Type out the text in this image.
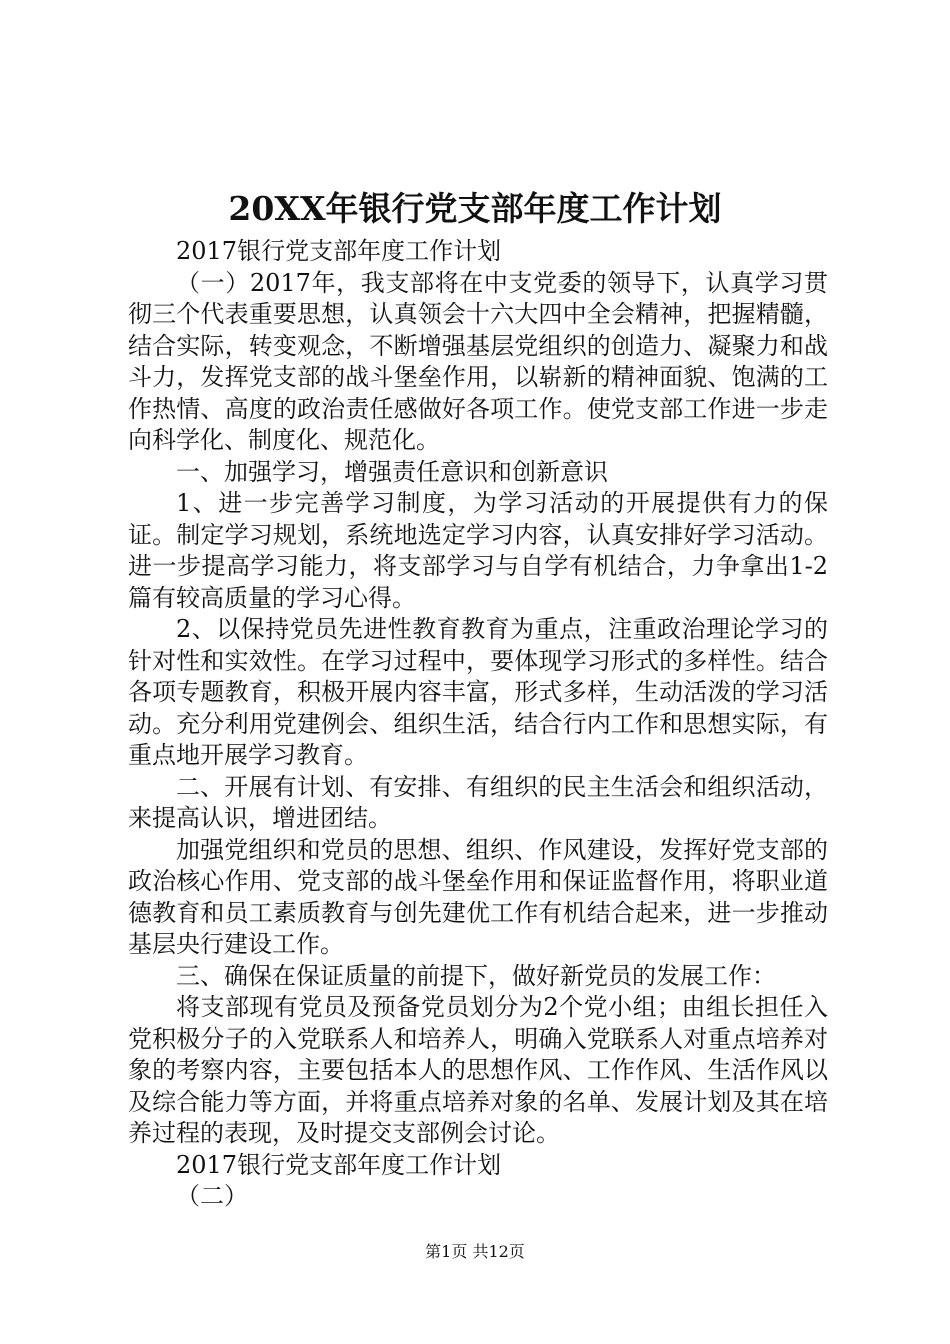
20XX年银行党支部年度工作计划

2017银行党支部年度工作计划

（一）2017年，我支部将在中支党委的领导下，认真学习贯彻三个代表重要思想，认真领会十六大四中全会精神，把握精髓，结合实际，转变观念，不断增强基层党组织的创造力、凝聚力和战斗力，发挥党支部的战斗堡垒作用，以崭新的精神面貌、饱满的工作热情、高度的政治责任感做好各项工作。使党支部工作进一步走向科学化、制度化、规范化。

一、加强学习，增强责任意识和创新意识

1、进一步完善学习制度，为学习活动的开展提供有力的保证。制定学习规划，系统地选定学习内容，认真安排好学习活动。进一步提高学习能力，将支部学习与自学有机结合，力争拿出1-2篇有较高质量的学习心得。

2、以保持党员先进性教育教育为重点，注重政治理论学习的针对性和实效性。在学习过程中，要体现学习形式的多样性。结合各项专题教育，积极开展内容丰富，形式多样，生动活泼的学习活动。充分利用党建例会、组织生活，结合行内工作和思想实际，有重点地开展学习教育。

二、开展有计划、有安排、有组织的民主生活会和组织活动，来提高认识，增进团结。

加强党组织和党员的思想、组织、作风建设，发挥好党支部的政治核心作用、党支部的战斗堡垒作用和保证监督作用，将职业道德教育和员工素质教育与创先建优工作有机结合起来，进一步推动基层央行建设工作。

三、确保在保证质量的前提下，做好新党员的发展工作：

将支部现有党员及预备党员划分为2个党小组；由组长担任入党积极分子的入党联系人和培养人，明确入党联系人对重点培养对象的考察内容，主要包括本人的思想作风、工作作风、生活作风以及综合能力等方面，并将重点培养对象的名单、发展计划及其在培养过程的表现，及时提交支部例会讨论。

2017银行党支部年度工作计划

（二）

第1页 共12页
